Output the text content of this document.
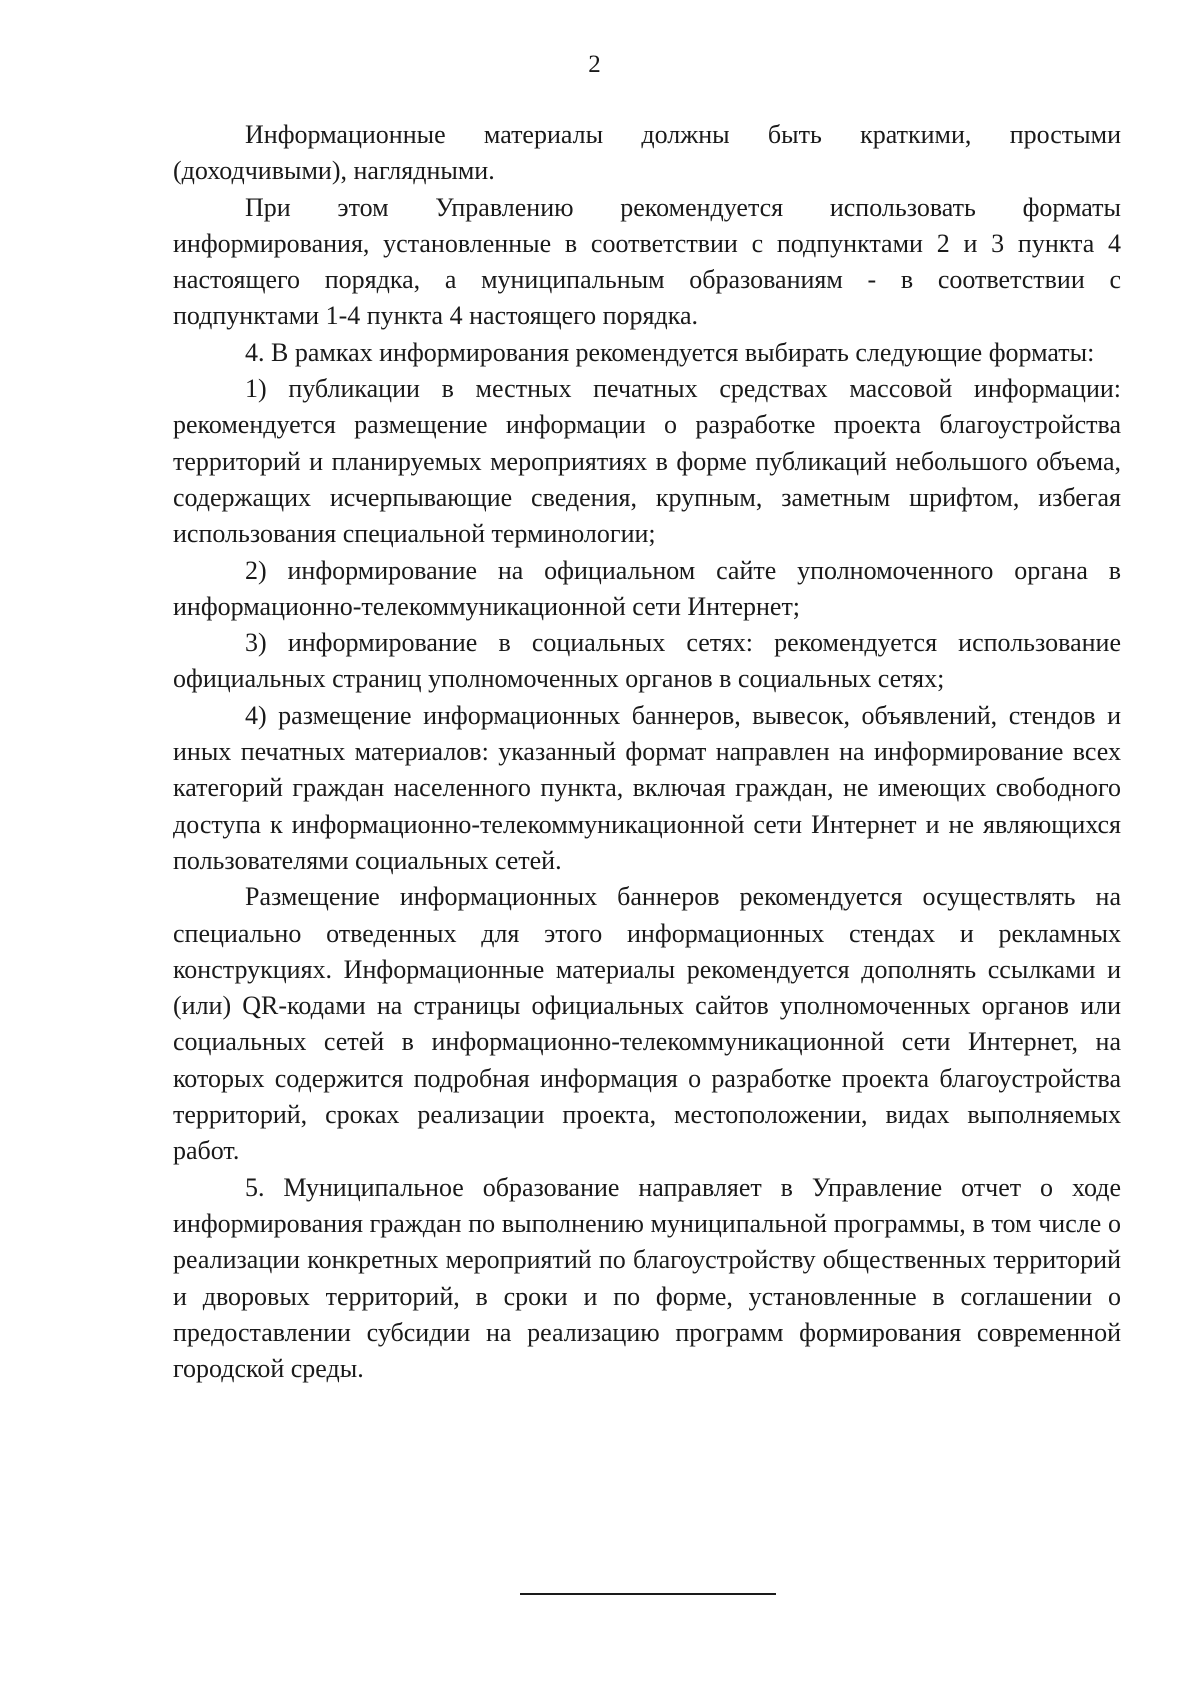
2

Информационные материалы должны быть краткими, простыми (доходчивыми), наглядными.

При этом Управлению рекомендуется использовать форматы информирования, установленные в соответствии с подпунктами 2 и 3 пункта 4 настоящего порядка, а муниципальным образованиям - в соответствии с подпунктами 1-4 пункта 4 настоящего порядка.

4. В рамках информирования рекомендуется выбирать следующие форматы:

1) публикации в местных печатных средствах массовой информации: рекомендуется размещение информации о разработке проекта благоустройства территорий и планируемых мероприятиях в форме публикаций небольшого объема, содержащих исчерпывающие сведения, крупным, заметным шрифтом, избегая использования специальной терминологии;

2) информирование на официальном сайте уполномоченного органа в информационно-телекоммуникационной сети Интернет;

3) информирование в социальных сетях: рекомендуется использование официальных страниц уполномоченных органов в социальных сетях;

4) размещение информационных баннеров, вывесок, объявлений, стендов и иных печатных материалов: указанный формат направлен на информирование всех категорий граждан населенного пункта, включая граждан, не имеющих свободного доступа к информационно-телекоммуникационной сети Интернет и не являющихся пользователями социальных сетей.

Размещение информационных баннеров рекомендуется осуществлять на специально отведенных для этого информационных стендах и рекламных конструкциях. Информационные материалы рекомендуется дополнять ссылками и (или) QR-кодами на страницы официальных сайтов уполномоченных органов или социальных сетей в информационно-телекоммуникационной сети Интернет, на которых содержится подробная информация о разработке проекта благоустройства территорий, сроках реализации проекта, местоположении, видах выполняемых работ.

5. Муниципальное образование направляет в Управление отчет о ходе информирования граждан по выполнению муниципальной программы, в том числе о реализации конкретных мероприятий по благоустройству общественных территорий и дворовых территорий, в сроки и по форме, установленные в соглашении о предоставлении субсидии на реализацию программ формирования современной городской среды.
